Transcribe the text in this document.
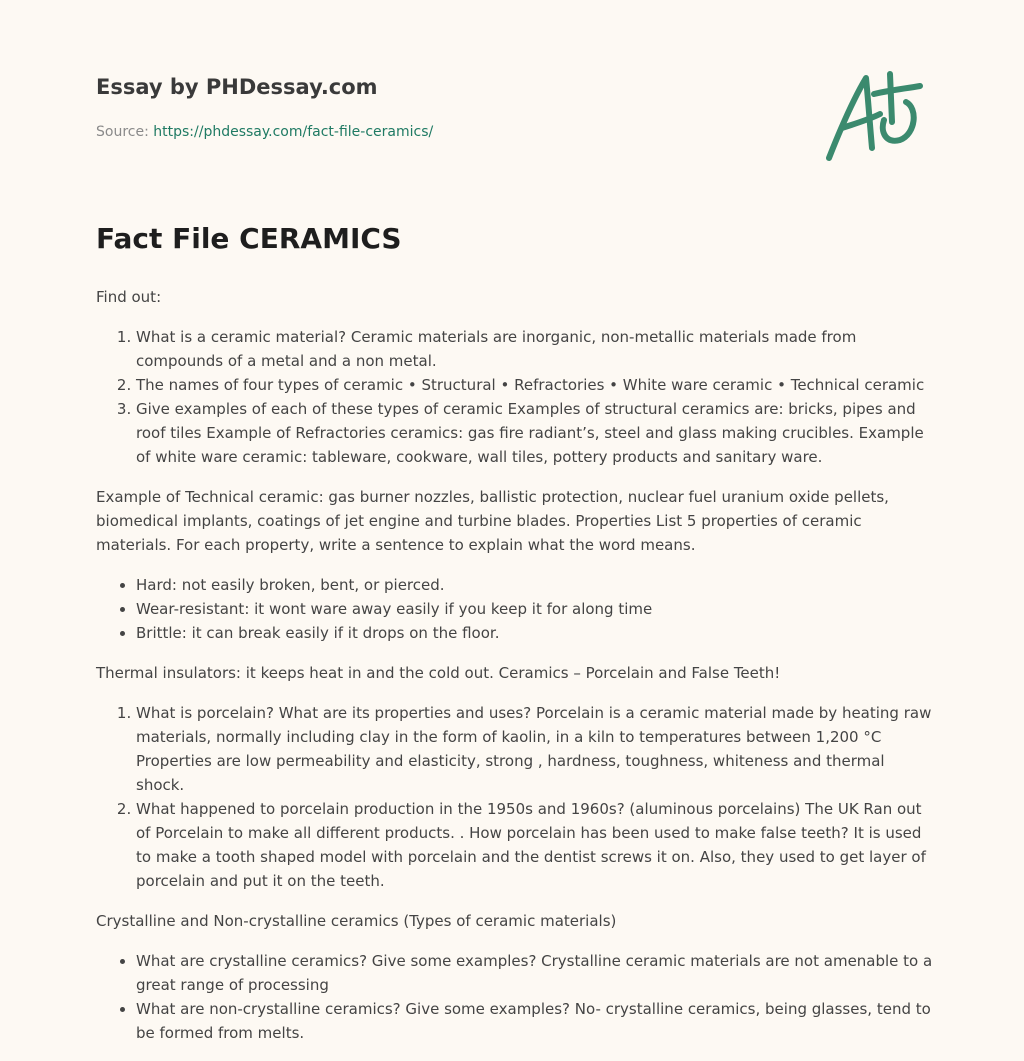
Essay by PHDessay.com
Source: https://phdessay.com/fact-file-ceramics/
Fact File CERAMICS

Find out:

1. What is a ceramic material? Ceramic materials are inorganic, non-metallic materials made from compounds of a metal and a non metal.
2. The names of four types of ceramic • Structural • Refractories • White ware ceramic • Technical ceramic
3. Give examples of each of these types of ceramic Examples of structural ceramics are: bricks, pipes and roof tiles Example of Refractories ceramics: gas fire radiant’s, steel and glass making crucibles. Example of white ware ceramic: tableware, cookware, wall tiles, pottery products and sanitary ware.

Example of Technical ceramic: gas burner nozzles, ballistic protection, nuclear fuel uranium oxide pellets, biomedical implants, coatings of jet engine and turbine blades. Properties List 5 properties of ceramic materials. For each property, write a sentence to explain what the word means.

• Hard: not easily broken, bent, or pierced.
• Wear-resistant: it wont ware away easily if you keep it for along time
• Brittle: it can break easily if it drops on the floor.

Thermal insulators: it keeps heat in and the cold out. Ceramics – Porcelain and False Teeth!

1. What is porcelain? What are its properties and uses? Porcelain is a ceramic material made by heating raw materials, normally including clay in the form of kaolin, in a kiln to temperatures between 1,200 °C Properties are low permeability and elasticity, strong , hardness, toughness, whiteness and thermal shock.
2. What happened to porcelain production in the 1950s and 1960s? (aluminous porcelains) The UK Ran out of Porcelain to make all different products. . How porcelain has been used to make false teeth? It is used to make a tooth shaped model with porcelain and the dentist screws it on. Also, they used to get layer of porcelain and put it on the teeth.

Crystalline and Non-crystalline ceramics (Types of ceramic materials)

• What are crystalline ceramics? Give some examples? Crystalline ceramic materials are not amenable to a great range of processing
• What are non-crystalline ceramics? Give some examples? No- crystalline ceramics, being glasses, tend to be formed from melts.
